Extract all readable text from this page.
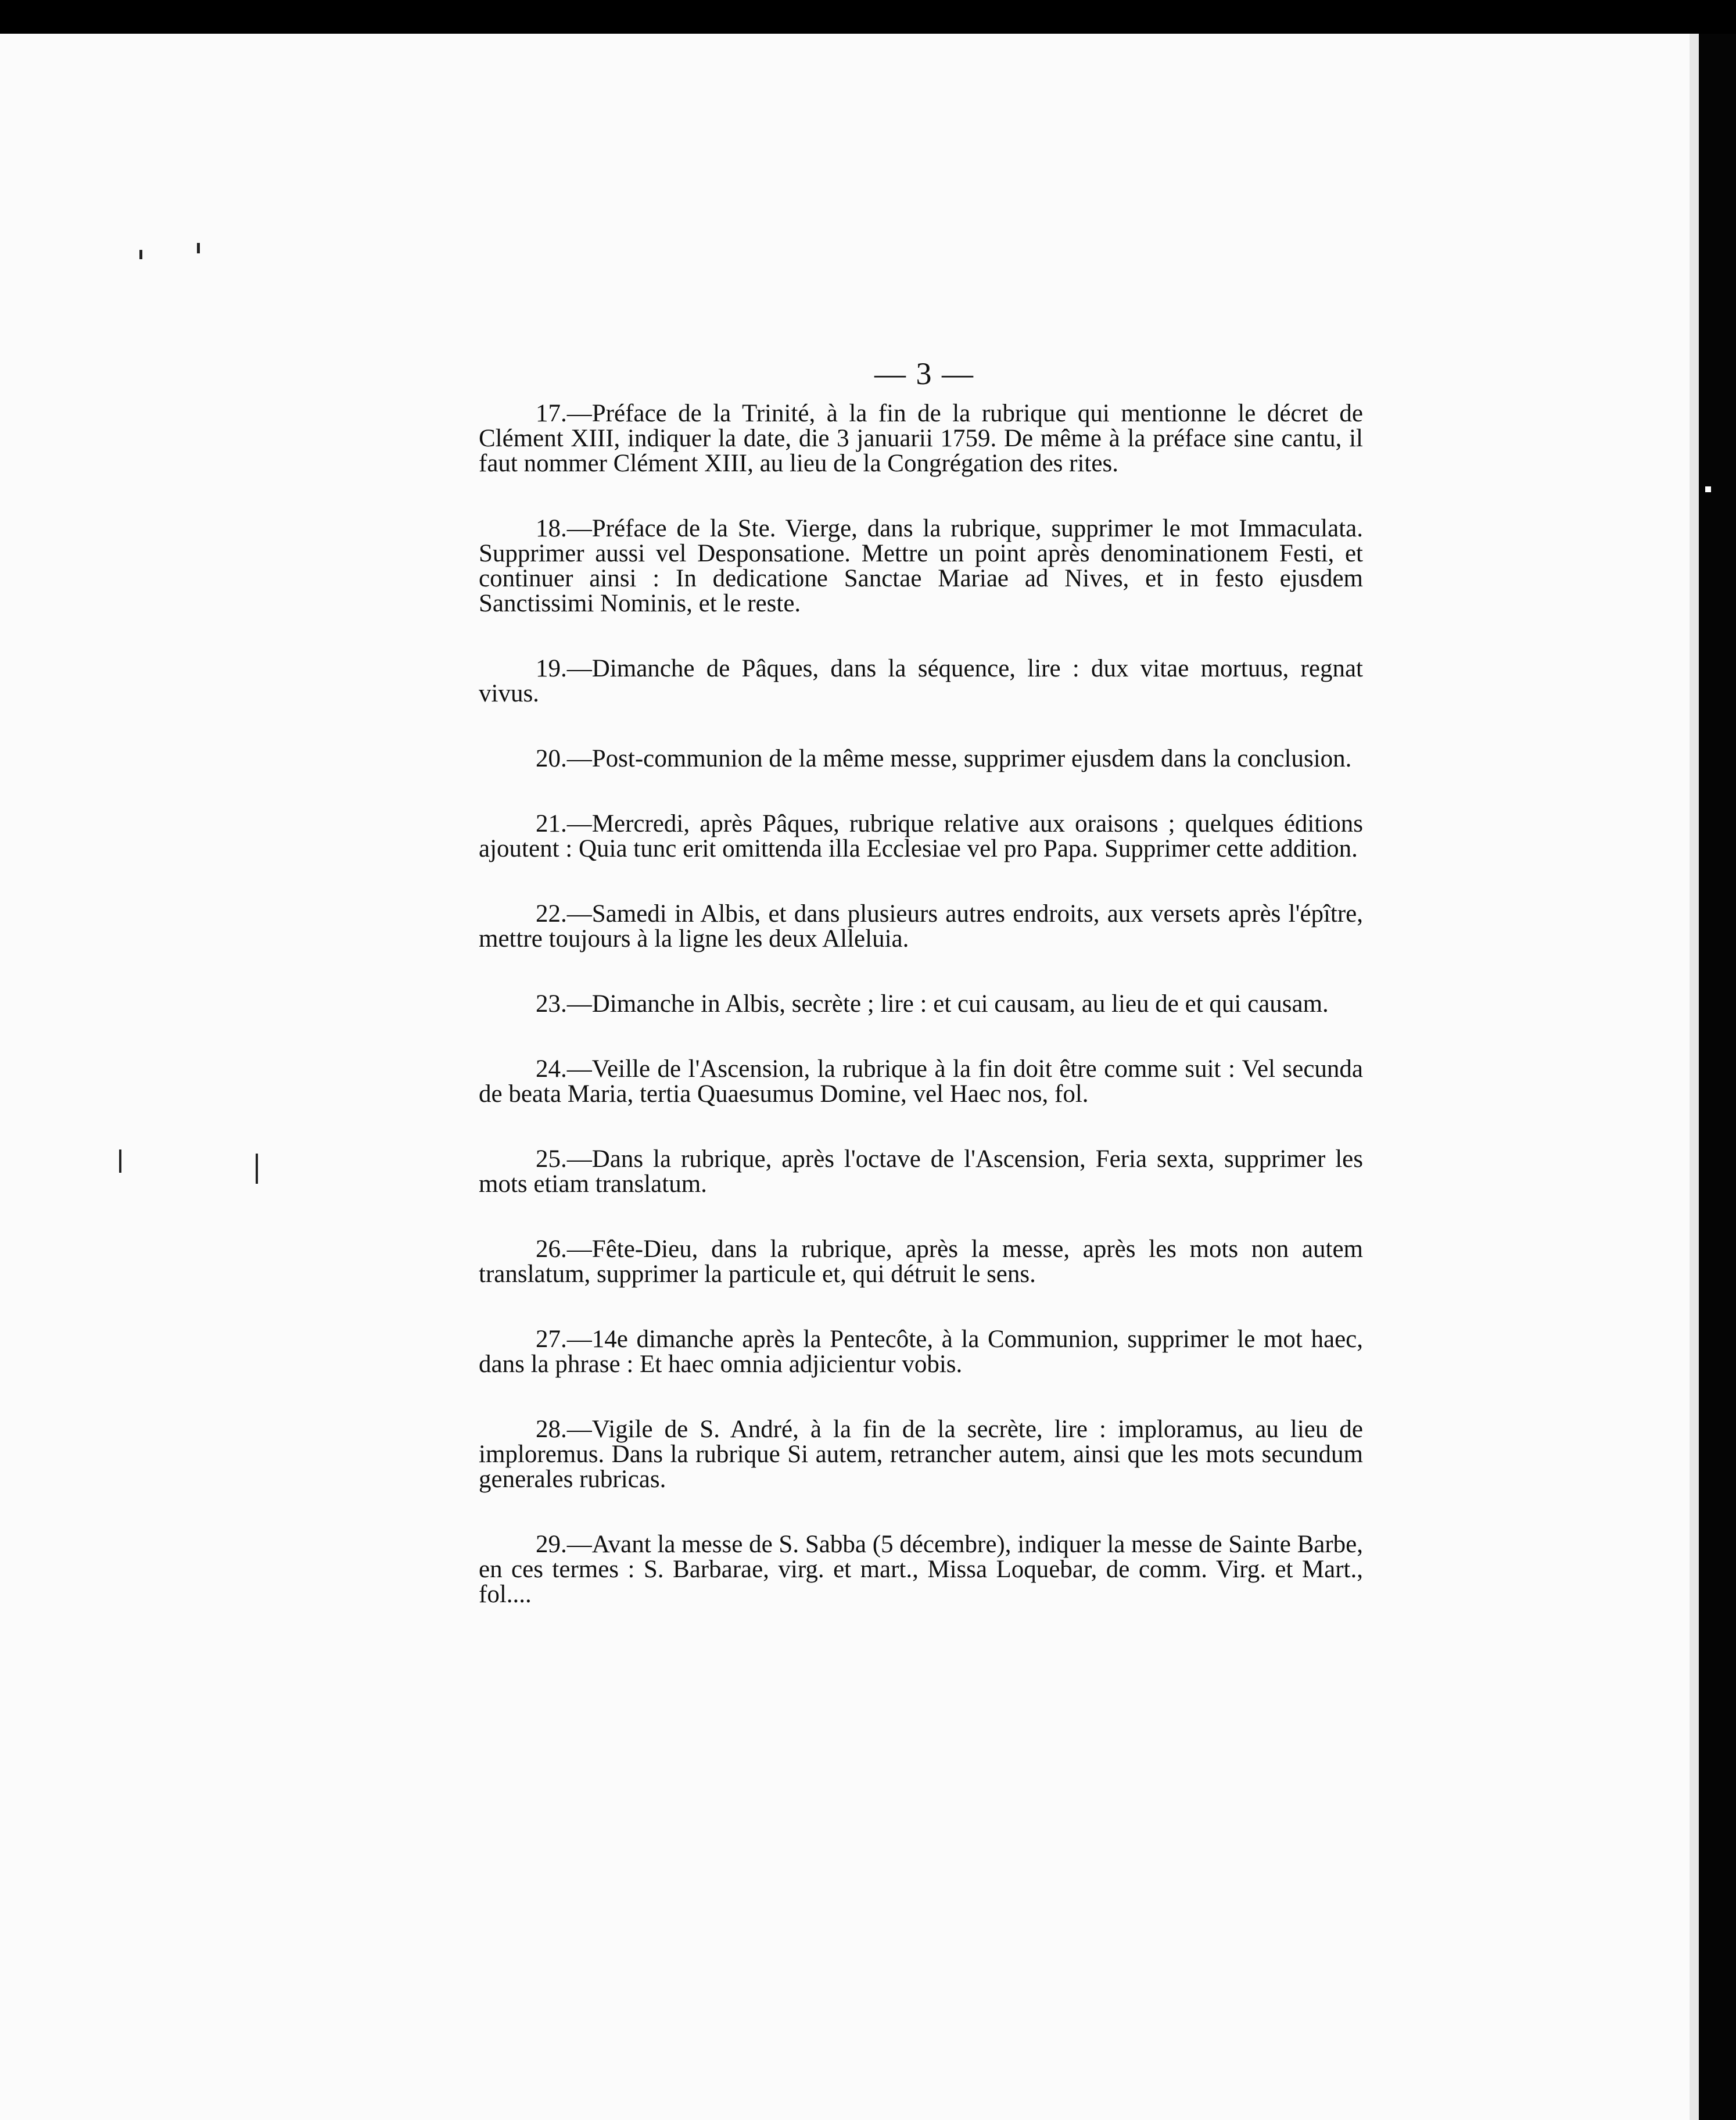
— 3 —

17.—Préface de la Trinité, à la fin de la rubrique qui mentionne le décret de Clément XIII, indiquer la date, die 3 januarii 1759. De même à la préface sine cantu, il faut nommer Clément XIII, au lieu de la Congrégation des rites.

18.—Préface de la Ste. Vierge, dans la rubrique, supprimer le mot Immaculata. Supprimer aussi vel Desponsatione. Mettre un point après denominationem Festi, et continuer ainsi : In dedicatione Sanctae Mariae ad Nives, et in festo ejusdem Sanctissimi Nominis, et le reste.

19.—Dimanche de Pâques, dans la séquence, lire : dux vitae mortuus, regnat vivus.

20.—Post-communion de la même messe, supprimer ejusdem dans la conclusion.

21.—Mercredi, après Pâques, rubrique relative aux oraisons ; quelques éditions ajoutent : Quia tunc erit omittenda illa Ecclesiae vel pro Papa. Supprimer cette addition.

22.—Samedi in Albis, et dans plusieurs autres endroits, aux versets après l'épître, mettre toujours à la ligne les deux Alleluia.

23.—Dimanche in Albis, secrète ; lire : et cui causam, au lieu de et qui causam.

24.—Veille de l'Ascension, la rubrique à la fin doit être comme suit : Vel secunda de beata Maria, tertia Quaesumus Domine, vel Haec nos, fol.

25.—Dans la rubrique, après l'octave de l'Ascension, Feria sexta, supprimer les mots etiam translatum.

26.—Fête-Dieu, dans la rubrique, après la messe, après les mots non autem translatum, supprimer la particule et, qui détruit le sens.

27.—14e dimanche après la Pentecôte, à la Communion, supprimer le mot haec, dans la phrase : Et haec omnia adjicientur vobis.

28.—Vigile de S. André, à la fin de la secrète, lire : imploramus, au lieu de imploremus. Dans la rubrique Si autem, retrancher autem, ainsi que les mots secundum generales rubricas.

29.—Avant la messe de S. Sabba (5 décembre), indiquer la messe de Sainte Barbe, en ces termes : S. Barbarae, virg. et mart., Missa Loquebar, de comm. Virg. et Mart., fol....
